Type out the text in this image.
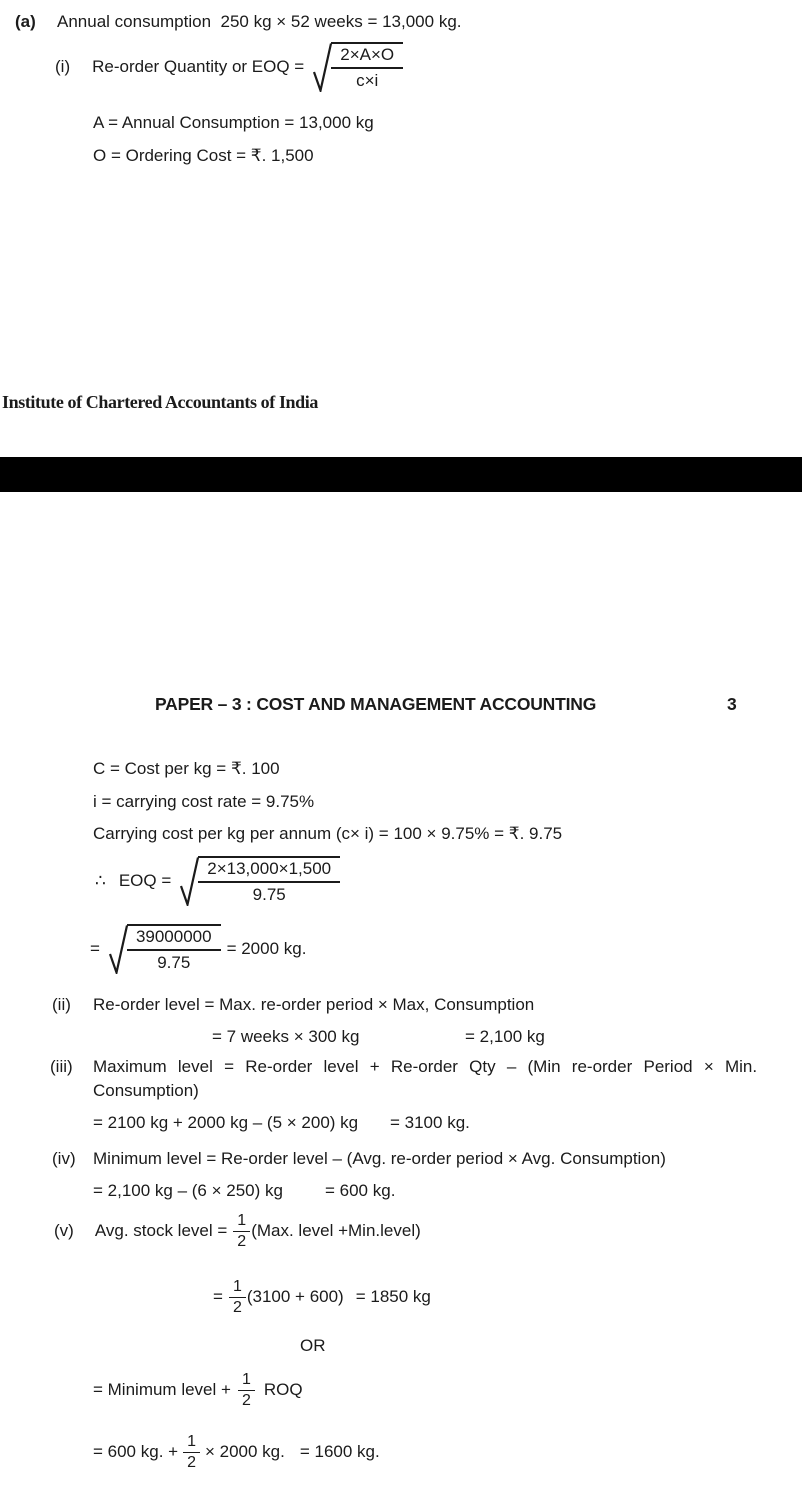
(a) Annual consumption  250 kg × 52 weeks = 13,000 kg.
(i) Re-order Quantity or EOQ = $\frac{2\times A\times O}{c\times i}$
A = Annual Consumption = 13,000 kg
O = Ordering Cost = ₹. 1,500
Institute of Chartered Accountants of India
PAPER – 3 : COST AND MANAGEMENT ACCOUNTING	3
C = Cost per kg = ₹. 100
i = carrying cost rate = 9.75%
Carrying cost per kg per annum (c× i) = 100 × 9.75% = ₹. 9.75
∴ EOQ = $\frac{2\times 13,000\times 1,500}{9.75}$
= $\frac{39000000}{9.75} = 2000$ kg.
(ii) Re-order level = Max. re-order period × Max, Consumption
= 7 weeks × 300 kg	= 2,100 kg
(iii) Maximum level = Re-order level + Re-order Qty – (Min re-order Period × Min.
Consumption)
= 2100 kg + 2000 kg – (5 × 200) kg = 3100 kg.
(iv) Minimum level = Re-order level – (Avg. re-order period × Avg. Consumption)
= 2,100 kg – (6 × 250) kg = 600 kg.
(v) Avg. stock level = $\frac{1}{2} (Max$. level +Min.level)
= $\frac{1}{2} (3100 + 600) = 1850$ kg
OR
= Minimum level + $\frac{1}{2}$ ROQ
= 600 kg. + $\frac{1}{2} \times 2000$ kg. = 1600 kg.
